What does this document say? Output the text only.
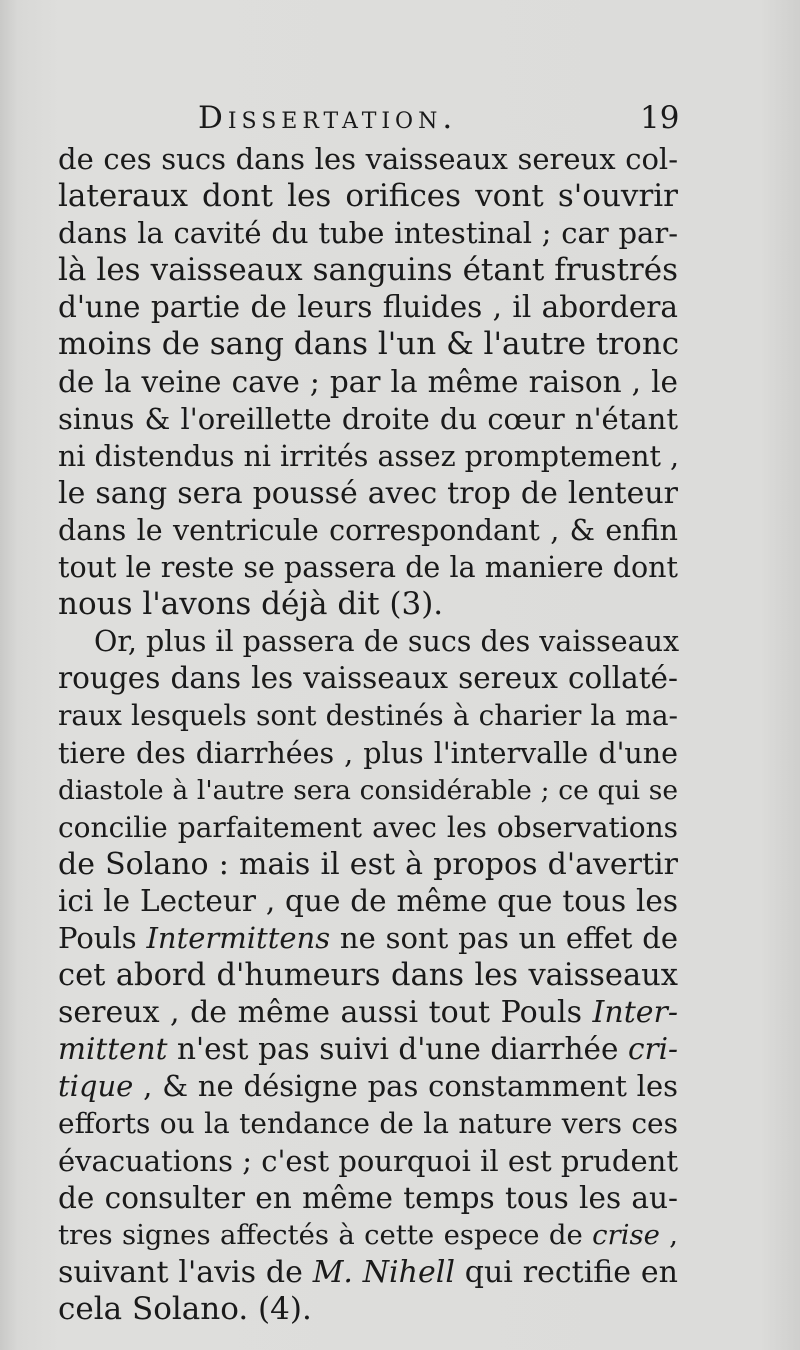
Dissertation.	19
de ces sucs dans les vaisseaux sereux col-
lateraux dont les orifices vont s'ouvrir
dans la cavité du tube intestinal ; car par-
là les vaisseaux sanguins étant frustrés
d'une partie de leurs fluides , il abordera
moins de sang dans l'un & l'autre tronc
de la veine cave ; par la même raison , le
sinus & l'oreillette droite du cœur n'étant
ni distendus ni irrités assez promptement ,
le sang sera poussé avec trop de lenteur
dans le ventricule correspondant , & enfin
tout le reste se passera de la maniere dont
nous l'avons déjà dit (3).
Or, plus il passera de sucs des vaisseaux
rouges dans les vaisseaux sereux collaté-
raux lesquels sont destinés à charier la ma-
tiere des diarrhées , plus l'intervalle d'une
diastole à l'autre sera considérable ; ce qui se
concilie parfaitement avec les observations
de Solano : mais il est à propos d'avertir
ici le Lecteur , que de même que tous les
Pouls Intermittens ne sont pas un effet de
cet abord d'humeurs dans les vaisseaux
sereux , de même aussi tout Pouls Inter-
mittent n'est pas suivi d'une diarrhée cri-
tique , & ne désigne pas constamment les
efforts ou la tendance de la nature vers ces
évacuations ; c'est pourquoi il est prudent
de consulter en même temps tous les au-
tres signes affectés à cette espece de crise ,
suivant l'avis de M. Nihell qui rectifie en
cela Solano. (4).
